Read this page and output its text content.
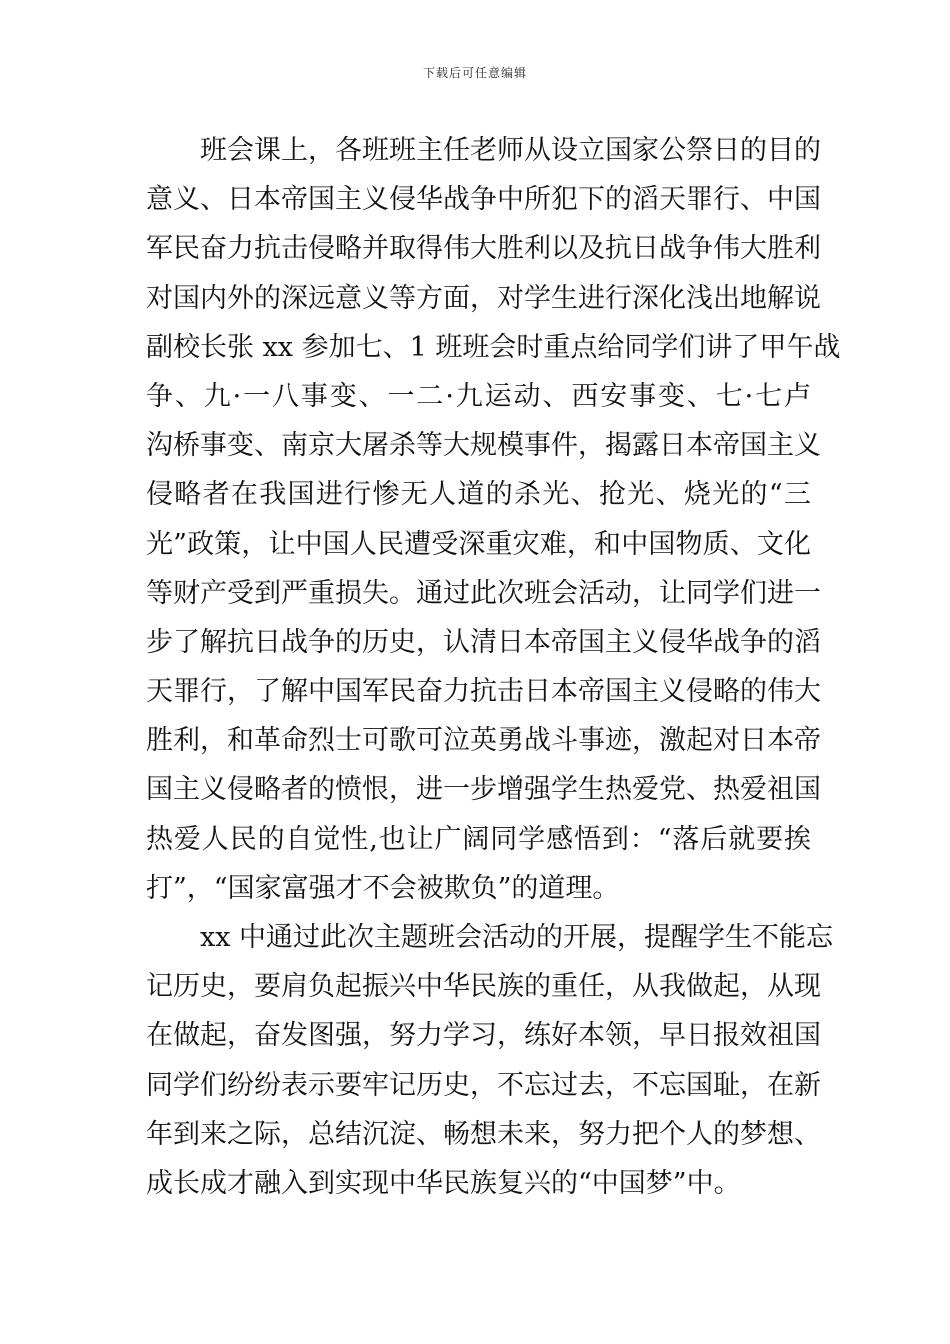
下载后可任意编辑
班会课上，各班班主任老师从设立国家公祭日的目的
意义、日本帝国主义侵华战争中所犯下的滔天罪行、中国
军民奋力抗击侵略并取得伟大胜利以及抗日战争伟大胜利
对国内外的深远意义等方面，对学生进行深化浅出地解说
副校长张 xx 参加七、1 班班会时重点给同学们讲了甲午战
争、九·一八事变、一二·九运动、西安事变、七·七卢
沟桥事变、南京大屠杀等大规模事件，揭露日本帝国主义
侵略者在我国进行惨无人道的杀光、抢光、烧光的“三
光”政策，让中国人民遭受深重灾难，和中国物质、文化
等财产受到严重损失。通过此次班会活动，让同学们进一
步了解抗日战争的历史，认清日本帝国主义侵华战争的滔
天罪行，了解中国军民奋力抗击日本帝国主义侵略的伟大
胜利，和革命烈士可歌可泣英勇战斗事迹，激起对日本帝
国主义侵略者的愤恨，进一步增强学生热爱党、热爱祖国
热爱人民的自觉性,也让广阔同学感悟到：“落后就要挨
打”，“国家富强才不会被欺负”的道理。
xx 中通过此次主题班会活动的开展，提醒学生不能忘
记历史，要肩负起振兴中华民族的重任，从我做起，从现
在做起，奋发图强，努力学习，练好本领，早日报效祖国
同学们纷纷表示要牢记历史，不忘过去，不忘国耻，在新
年到来之际，总结沉淀、畅想未来，努力把个人的梦想、
成长成才融入到实现中华民族复兴的“中国梦”中。
